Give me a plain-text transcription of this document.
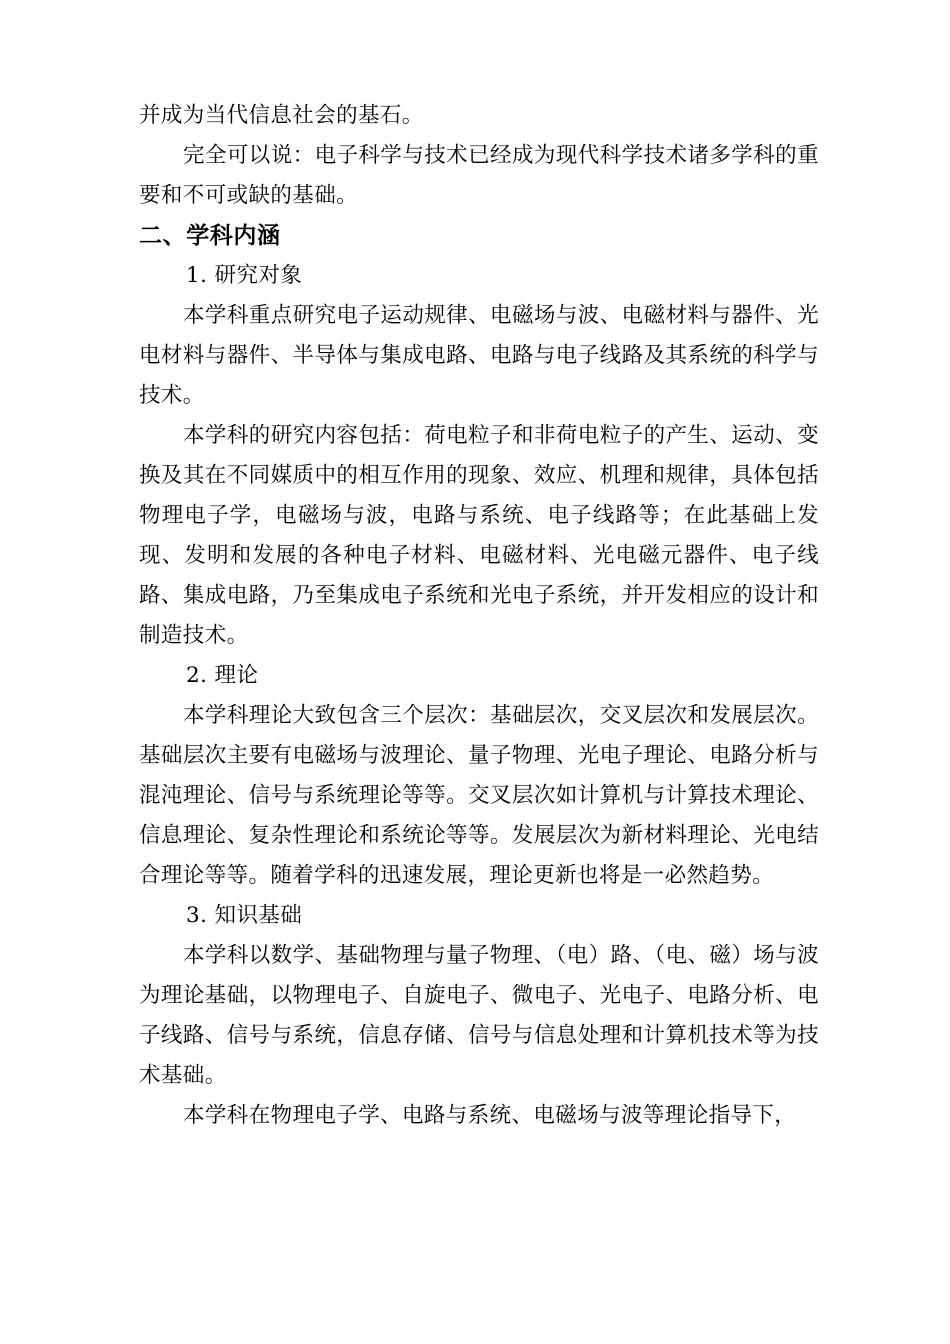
并成为当代信息社会的基石。

完全可以说：电子科学与技术已经成为现代科学技术诸多学科的重要和不可或缺的基础。

二、学科内涵

1. 研究对象

本学科重点研究电子运动规律、电磁场与波、电磁材料与器件、光电材料与器件、半导体与集成电路、电路与电子线路及其系统的科学与技术。

本学科的研究内容包括：荷电粒子和非荷电粒子的产生、运动、变换及其在不同媒质中的相互作用的现象、效应、机理和规律，具体包括物理电子学，电磁场与波，电路与系统、电子线路等；在此基础上发现、发明和发展的各种电子材料、电磁材料、光电磁元器件、电子线路、集成电路，乃至集成电子系统和光电子系统，并开发相应的设计和制造技术。

2. 理论

本学科理论大致包含三个层次：基础层次，交叉层次和发展层次。基础层次主要有电磁场与波理论、量子物理、光电子理论、电路分析与混沌理论、信号与系统理论等等。交叉层次如计算机与计算技术理论、信息理论、复杂性理论和系统论等等。发展层次为新材料理论、光电结合理论等等。随着学科的迅速发展，理论更新也将是一必然趋势。

3. 知识基础

本学科以数学、基础物理与量子物理、（电）路、（电、磁）场与波为理论基础，以物理电子、自旋电子、微电子、光电子、电路分析、电子线路、信号与系统，信息存储、信号与信息处理和计算机技术等为技术基础。

本学科在物理电子学、电路与系统、电磁场与波等理论指导下，
